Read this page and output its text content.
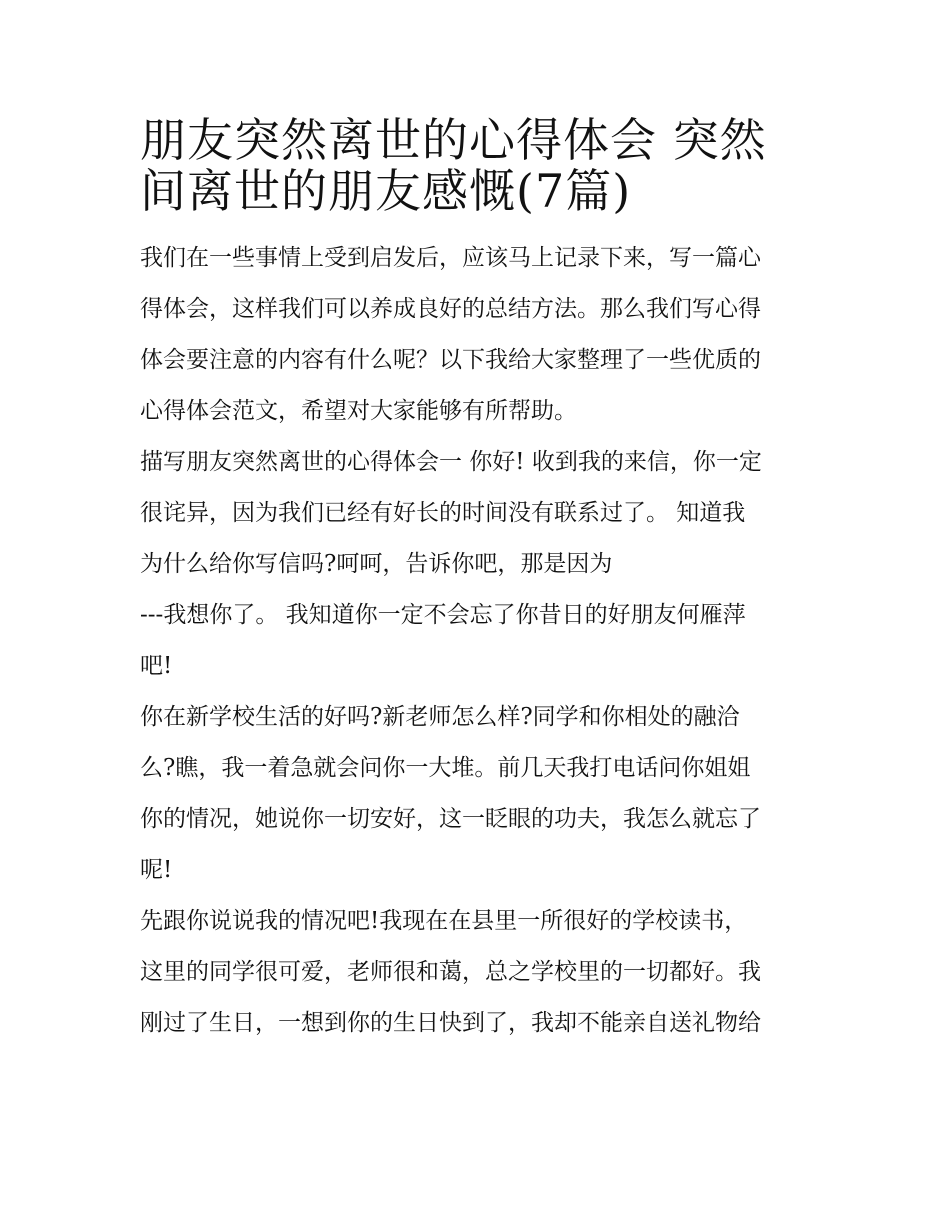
朋友突然离世的心得体会 突然
间离世的朋友感慨(7篇)
我们在一些事情上受到启发后，应该马上记录下来，写一篇心
得体会，这样我们可以养成良好的总结方法。那么我们写心得
体会要注意的内容有什么呢？以下我给大家整理了一些优质的
心得体会范文，希望对大家能够有所帮助。
描写朋友突然离世的心得体会一 你好! 收到我的来信，你一定
很诧异，因为我们已经有好长的时间没有联系过了。 知道我
为什么给你写信吗?呵呵，告诉你吧，那是因为
---我想你了。 我知道你一定不会忘了你昔日的好朋友何雁萍
吧!
你在新学校生活的好吗?新老师怎么样?同学和你相处的融洽
么?瞧，我一着急就会问你一大堆。前几天我打电话问你姐姐
你的情况，她说你一切安好，这一眨眼的功夫，我怎么就忘了
呢!
先跟你说说我的情况吧!我现在在县里一所很好的学校读书，
这里的同学很可爱，老师很和蔼，总之学校里的一切都好。我
刚过了生日，一想到你的生日快到了，我却不能亲自送礼物给
